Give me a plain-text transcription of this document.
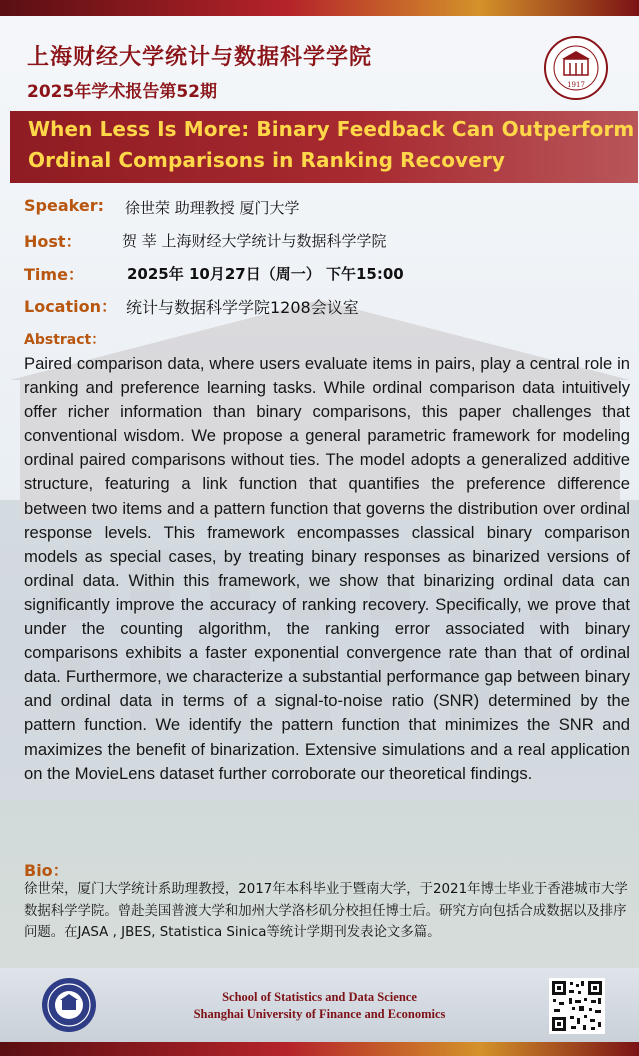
上海财经大学统计与数据科学学院
2025年学术报告第52期	1917
When Less Is More: Binary Feedback Can Outperform
Ordinal Comparisons in Ranking Recovery
Speaker: 徐世荣 助理教授 厦门大学
Host：	贺 莘 上海财经大学统计与数据科学学院
Time：	2025年 10月27日（周一） 下午15:00
Location： 统计与数据科学学院1208会议室
Abstract：

Paired comparison data, where users evaluate items in pairs, play a central role in ranking and preference learning tasks. While ordinal comparison data intuitively offer richer information than binary comparisons, this paper challenges that conventional wisdom. We propose a general parametric framework for modeling ordinal paired comparisons without ties. The model adopts a generalized additive structure, featuring a link function that quantifies the preference difference between two items and a pattern function that governs the distribution over ordinal response levels. This framework encompasses classical binary comparison models as special cases, by treating binary responses as binarized versions of ordinal data. Within this framework, we show that binarizing ordinal data can significantly improve the accuracy of ranking recovery. Specifically, we prove that under the counting algorithm, the ranking error associated with binary comparisons exhibits a faster exponential convergence rate than that of ordinal data. Furthermore, we characterize a substantial performance gap between binary and ordinal data in terms of a signal-to-noise ratio (SNR) determined by the pattern function. We identify the pattern function that minimizes the SNR and maximizes the benefit of binarization. Extensive simulations and a real application on the MovieLens dataset further corroborate our theoretical findings.

Bio：

徐世荣，厦门大学统计系助理教授，2017年本科毕业于暨南大学，于2021年博士毕业于香港城市大学数据科学学院。曾赴美国普渡大学和加州大学洛杉矶分校担任博士后。研究方向包括合成数据以及排序问题。在JASA , JBES, Statistica Sinica等统计学期刊发表论文多篇。

School of Statistics and Data Science
Shanghai University of Finance and Economics
